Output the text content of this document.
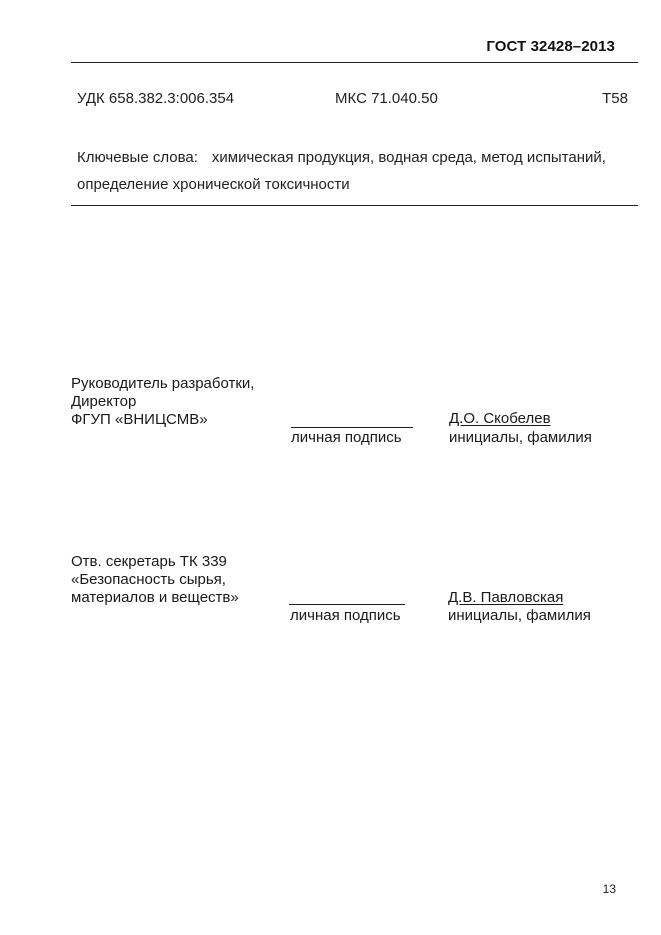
ГОСТ 32428–2013
УДК 658.382.3:006.354	МКС 71.040.50	Т58
Ключевые слова: химическая продукция, водная среда, метод испытаний,
определение хронической токсичности
Руководитель разработки,
Директор
ФГУП «ВНИЦСМВ»
личная подпись
Д.О. Скобелев
инициалы, фамилия
Отв. секретарь ТК 339
«Безопасность сырья,
материалов и веществ»
личная подпись
Д.В. Павловская
инициалы, фамилия
13
